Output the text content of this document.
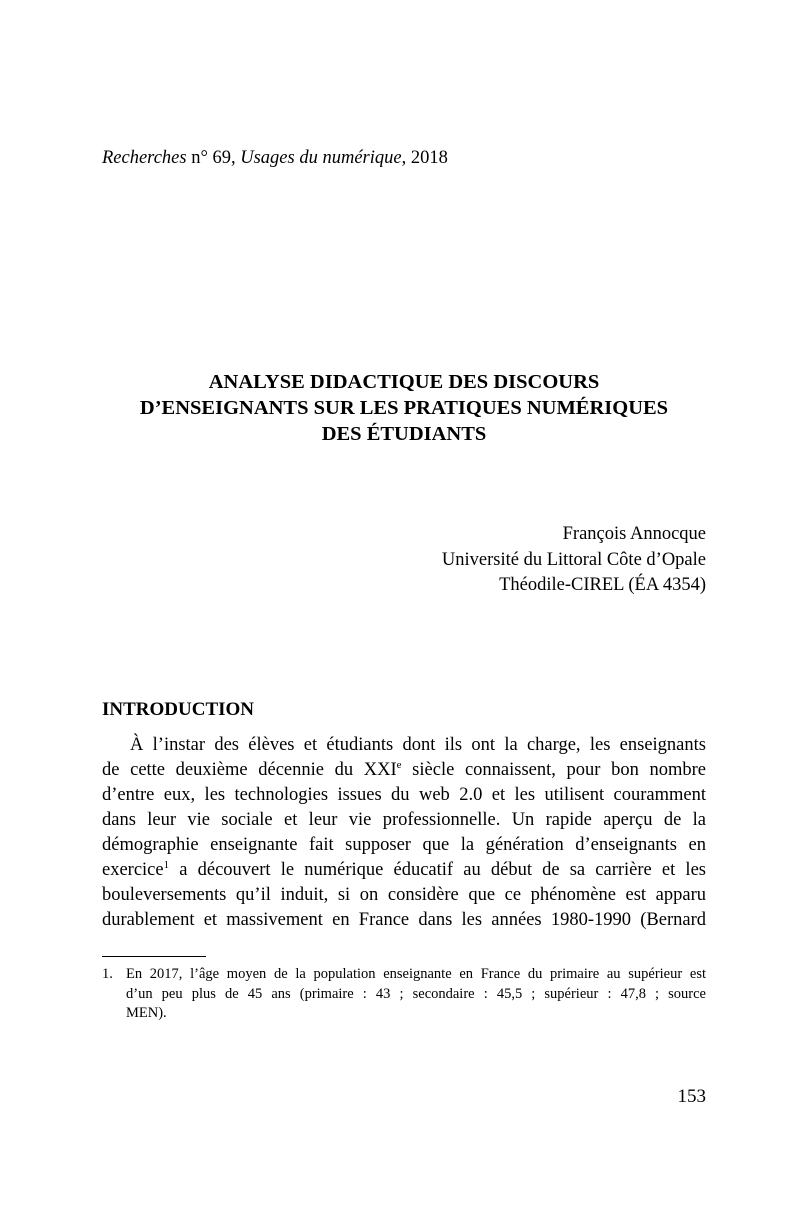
Recherches n° 69, Usages du numérique, 2018
ANALYSE DIDACTIQUE DES DISCOURS
D’ENSEIGNANTS SUR LES PRATIQUES NUMÉRIQUES
DES ÉTUDIANTS
François Annocque
Université du Littoral Côte d’Opale
Théodile-CIREL (ÉA 4354)
INTRODUCTION
À l’instar des élèves et étudiants dont ils ont la charge, les enseignants
de cette deuxième décennie du XXIe siècle connaissent, pour bon nombre
d’entre eux, les technologies issues du web 2.0 et les utilisent couramment
dans leur vie sociale et leur vie professionnelle. Un rapide aperçu de la
démographie enseignante fait supposer que la génération d’enseignants en
exercice$^1$ a découvert le numérique éducatif au début de sa carrière et les
bouleversements qu’il induit, si on considère que ce phénomène est apparu
durablement et massivement en France dans les années 1980-1990 (Bernard
1. En 2017, l’âge moyen de la population enseignante en France du primaire au supérieur est
d’un peu plus de 45 ans (primaire : 43 ; secondaire : 45,5 ; supérieur : 47,8 ; source
MEN).
153
